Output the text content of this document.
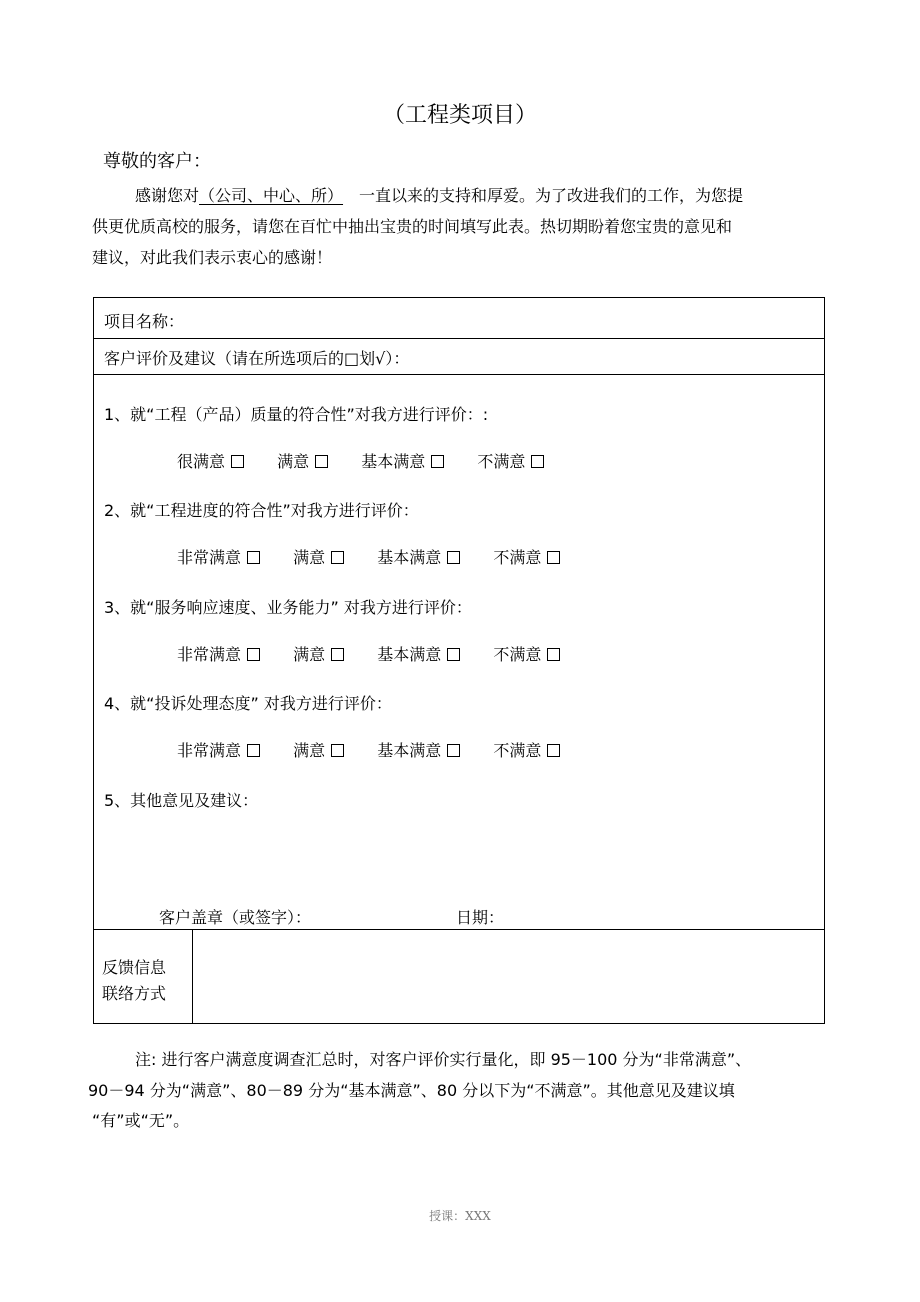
（工程类项目）
尊敬的客户：
感谢您对（公司、中心、所） 一直以来的支持和厚爱。为了改进我们的工作，为您提
供更优质高校的服务，请您在百忙中抽出宝贵的时间填写此表。热切期盼着您宝贵的意见和
建议，对此我们表示衷心的感谢！
项目名称：
客户评价及建议（请在所选项后的□划√）：
1、就“工程（产品）质量的符合性”对我方进行评价：:
很满意	满意	基本满意	不满意
2、就“工程进度的符合性”对我方进行评价：
非常满意	满意	基本满意	不满意
3、就“服务响应速度、业务能力” 对我方进行评价：
非常满意	满意	基本满意	不满意
4、就“投诉处理态度” 对我方进行评价：
非常满意	满意	基本满意	不满意
5、其他意见及建议：
客户盖章（或签字）：	日期：
反馈信息
联络方式
注: 进行客户满意度调查汇总时，对客户评价实行量化，即 95－100 分为“非常满意”、
90－94 分为“满意”、80－89 分为“基本满意”、80 分以下为“不满意”。其他意见及建议填
“有”或“无”。
授课：XXX
